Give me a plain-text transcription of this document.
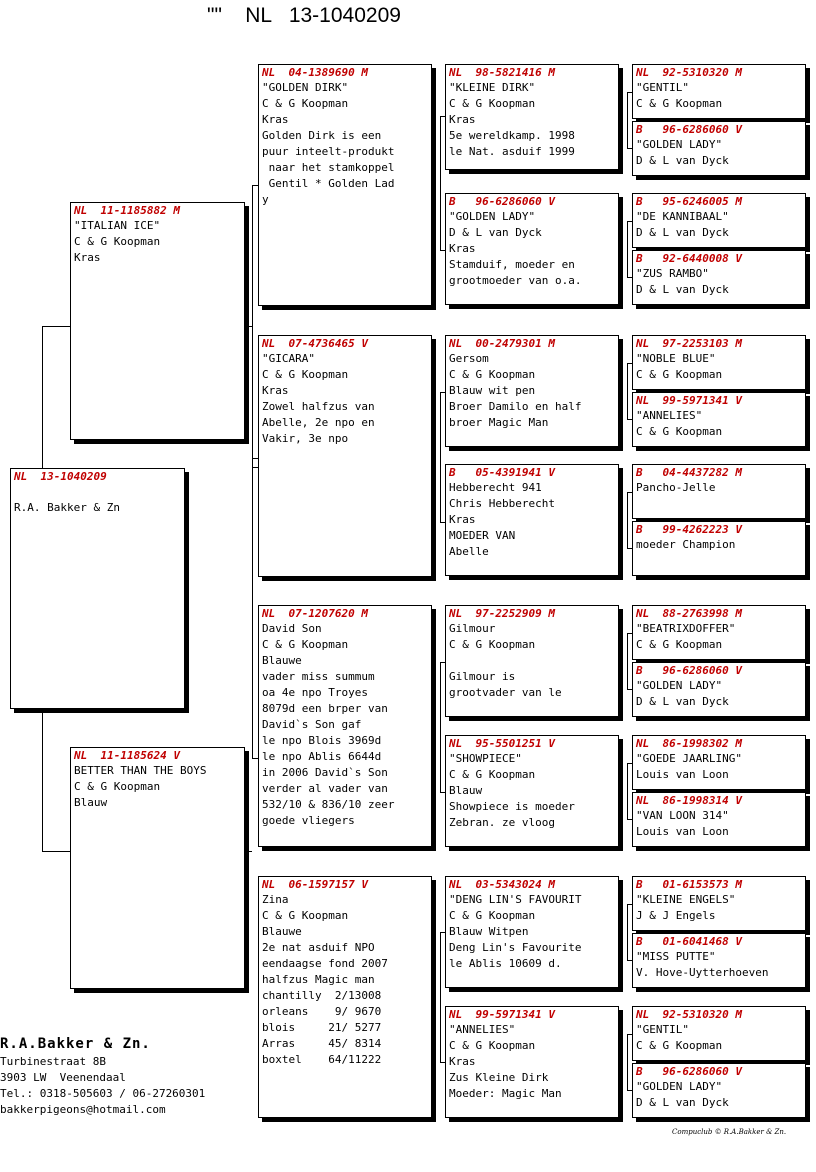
""    NL   13-1040209
NL  13-1040209
R.A. Bakker & Zn
NL  11-1185882 M
"ITALIAN ICE"
C & G Koopman
Kras
NL  11-1185624 V
BETTER THAN THE BOYS
C & G Koopman
Blauw
NL  04-1389690 M
"GOLDEN DIRK"
C & G Koopman
Kras
Golden Dirk is een
puur inteelt-produkt
naar het stamkoppel
Gentil * Golden Lad
y
NL  07-4736465 V
"GICARA"
C & G Koopman
Kras
Zowel halfzus van
Abelle, 2e npo en
Vakir, 3e npo
NL  07-1207620 M
David Son
C & G Koopman
Blauwe
vader miss summum
oa 4e npo Troyes
8079d een brper van
David`s Son gaf
le npo Blois 3969d
le npo Ablis 6644d
in 2006 David`s Son
verder al vader van
532/10 & 836/10 zeer
goede vliegers
NL  06-1597157 V
Zina
C & G Koopman
Blauwe
2e nat asduif NPO
eendaagse fond 2007
halfzus Magic man
chantilly  2/13008
orleans    9/ 9670
blois     21/ 5277
Arras     45/ 8314
boxtel    64/11222
NL  98-5821416 M
"KLEINE DIRK"
C & G Koopman
Kras
5e wereldkamp. 1998
le Nat. asduif 1999
B   96-6286060 V
"GOLDEN LADY"
D & L van Dyck
Kras
Stamduif, moeder en
grootmoeder van o.a.
NL  00-2479301 M
Gersom
C & G Koopman
Blauw wit pen
Broer Damilo en half
broer Magic Man
B   05-4391941 V
Hebberecht 941
Chris Hebberecht
Kras
MOEDER VAN
Abelle
NL  97-2252909 M
Gilmour
C & G Koopman
Gilmour is
grootvader van le
NL  95-5501251 V
"SHOWPIECE"
C & G Koopman
Blauw
Showpiece is moeder
Zebran. ze vloog
NL  03-5343024 M
"DENG LIN'S FAVOURIT
C & G Koopman
Blauw Witpen
Deng Lin's Favourite
le Ablis 10609 d.
NL  99-5971341 V
"ANNELIES"
C & G Koopman
Kras
Zus Kleine Dirk
Moeder: Magic Man
NL  92-5310320 M
"GENTIL"
C & G Koopman
B   96-6286060 V
"GOLDEN LADY"
D & L van Dyck
B   95-6246005 M
"DE KANNIBAAL"
D & L van Dyck
B   92-6440008 V
"ZUS RAMBO"
D & L van Dyck
NL  97-2253103 M
"NOBLE BLUE"
C & G Koopman
NL  99-5971341 V
"ANNELIES"
C & G Koopman
B   04-4437282 M
Pancho-Jelle
B   99-4262223 V
moeder Champion
NL  88-2763998 M
"BEATRIXDOFFER"
C & G Koopman
B   96-6286060 V
"GOLDEN LADY"
D & L van Dyck
NL  86-1998302 M
"GOEDE JAARLING"
Louis van Loon
NL  86-1998314 V
"VAN LOON 314"
Louis van Loon
B   01-6153573 M
"KLEINE ENGELS"
J & J Engels
B   01-6041468 V
"MISS PUTTE"
V. Hove-Uytterhoeven
NL  92-5310320 M
"GENTIL"
C & G Koopman
B   96-6286060 V
"GOLDEN LADY"
D & L van Dyck
R.A.Bakker & Zn.
Turbinestraat 8B
3903 LW  Veenendaal
Tel.: 0318-505603 / 06-27260301
bakkerpigeons@hotmail.com
Compuclub © R.A.Bakker & Zn.
